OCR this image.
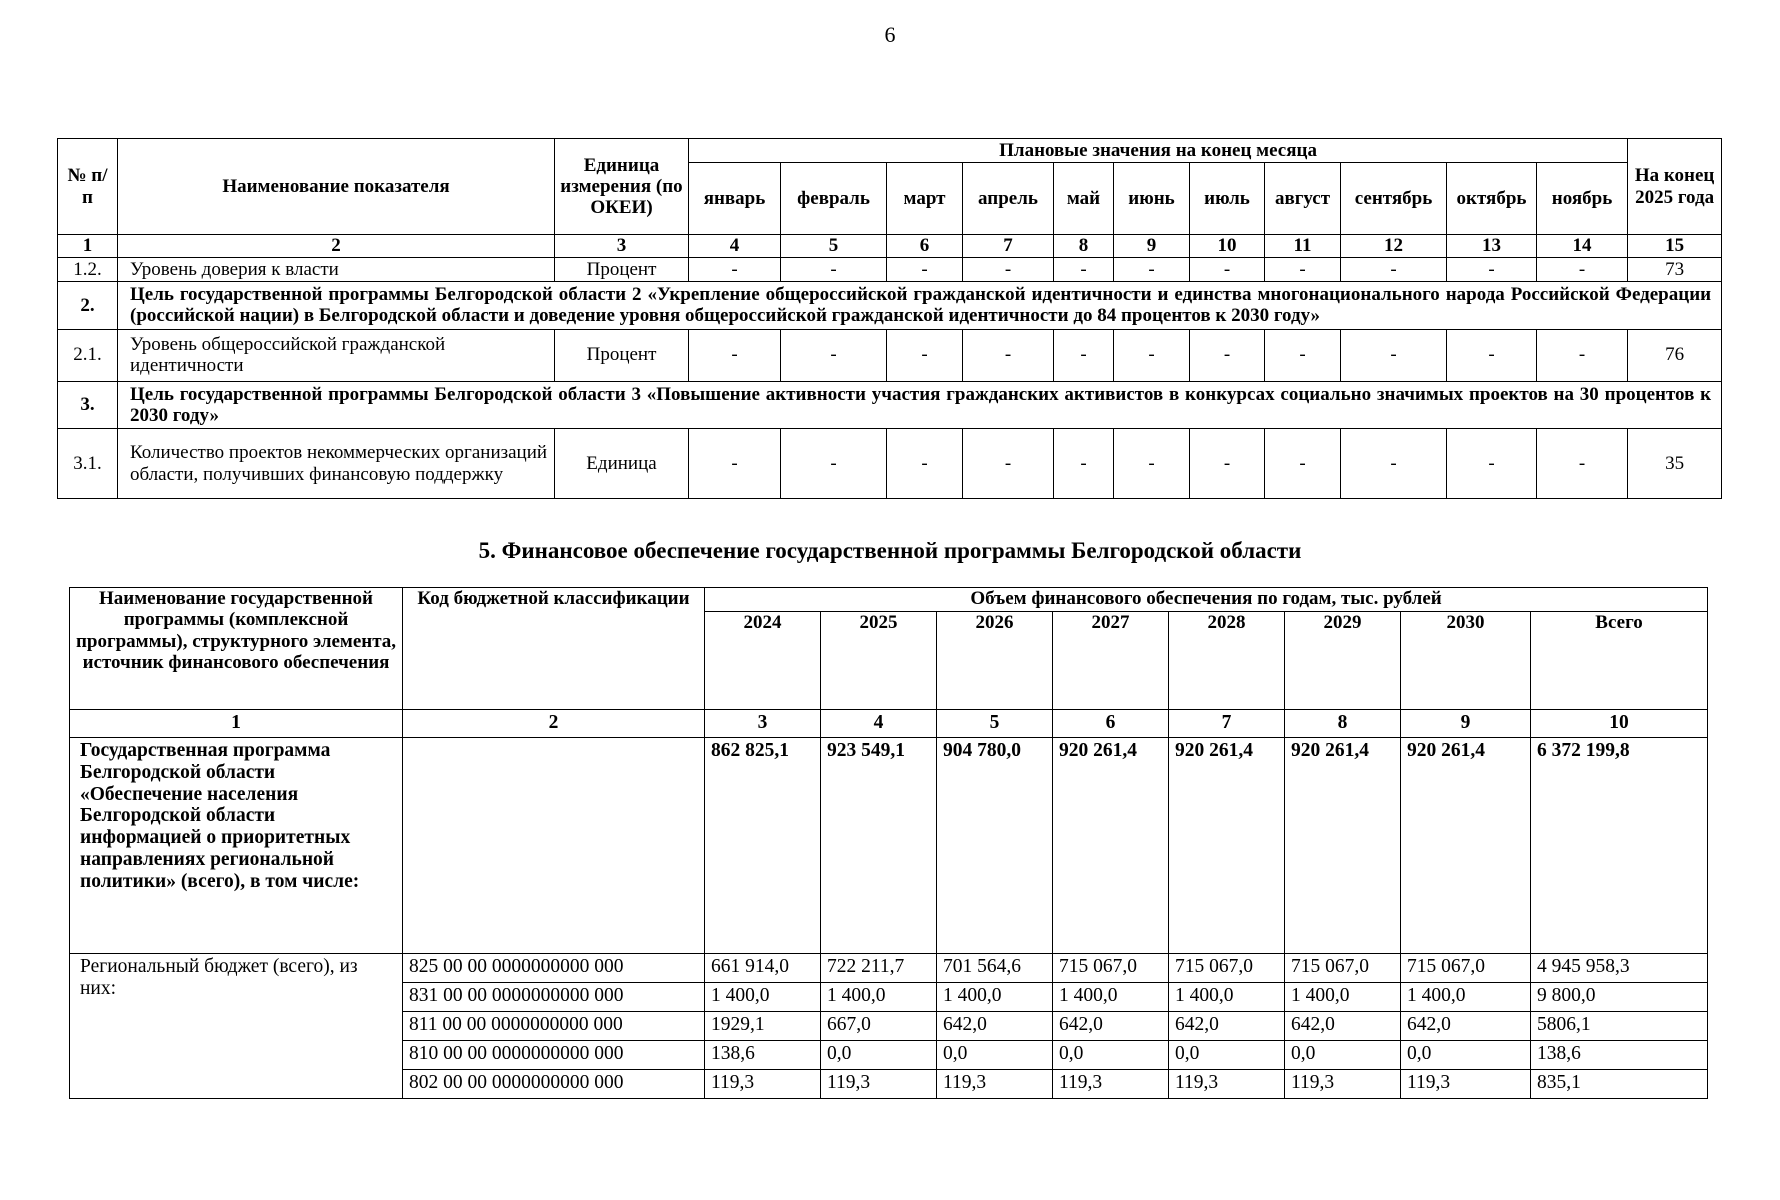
6
№ п/п	Наименование показателя	Единица измерения (по ОКЕИ)	Плановые значения на конец месяца											На конец 2025 года
			январь	февраль	март	апрель	май	июнь	июль	август	сентябрь	октябрь	ноябрь	
1	2	3	4	5	6	7	8	9	10	11	12	13	14	15
1.2.	Уровень доверия к власти	Процент	-	-	-	-	-	-	-	-	-	-	-	73
2.	Цель государственной программы Белгородской области 2 «Укрепление общероссийской гражданской идентичности и единства многонационального народа Российской Федерации (российской нации) в Белгородской области и доведение уровня общероссийской гражданской идентичности до 84 процентов к 2030 году»													
2.1.	Уровень общероссийской гражданской идентичности	Процент	-	-	-	-	-	-	-	-	-	-	-	76
3.	Цель государственной программы Белгородской области 3 «Повышение активности участия гражданских активистов в конкурсах социально значимых проектов на 30 процентов к 2030 году»													
3.1.	Количество проектов некоммерческих организаций области, получивших финансовую поддержку	Единица	-	-	-	-	-	-	-	-	-	-	-	35
5. Финансовое обеспечение государственной программы Белгородской области
Наименование государственной программы (комплексной программы), структурного элемента, источник финансового обеспечения	Код бюджетной классификации	Объем финансового обеспечения по годам, тыс. рублей							
		2024	2025	2026	2027	2028	2029	2030	Всего
1	2	3	4	5	6	7	8	9	10
Государственная программа Белгородской области «Обеспечение населения Белгородской области информацией о приоритетных направлениях региональной политики» (всего), в том числе:		862 825,1	923 549,1	904 780,0	920 261,4	920 261,4	920 261,4	920 261,4	6 372 199,8
Региональный бюджет (всего), из них:	825 00 00 0000000000 000	661 914,0	722 211,7	701 564,6	715 067,0	715 067,0	715 067,0	715 067,0	4 945 958,3
	831 00 00 0000000000 000	1 400,0	1 400,0	1 400,0	1 400,0	1 400,0	1 400,0	1 400,0	9 800,0
	811 00 00 0000000000 000	1929,1	667,0	642,0	642,0	642,0	642,0	642,0	5806,1
	810 00 00 0000000000 000	138,6	0,0	0,0	0,0	0,0	0,0	0,0	138,6
	802 00 00 0000000000 000	119,3	119,3	119,3	119,3	119,3	119,3	119,3	835,1
